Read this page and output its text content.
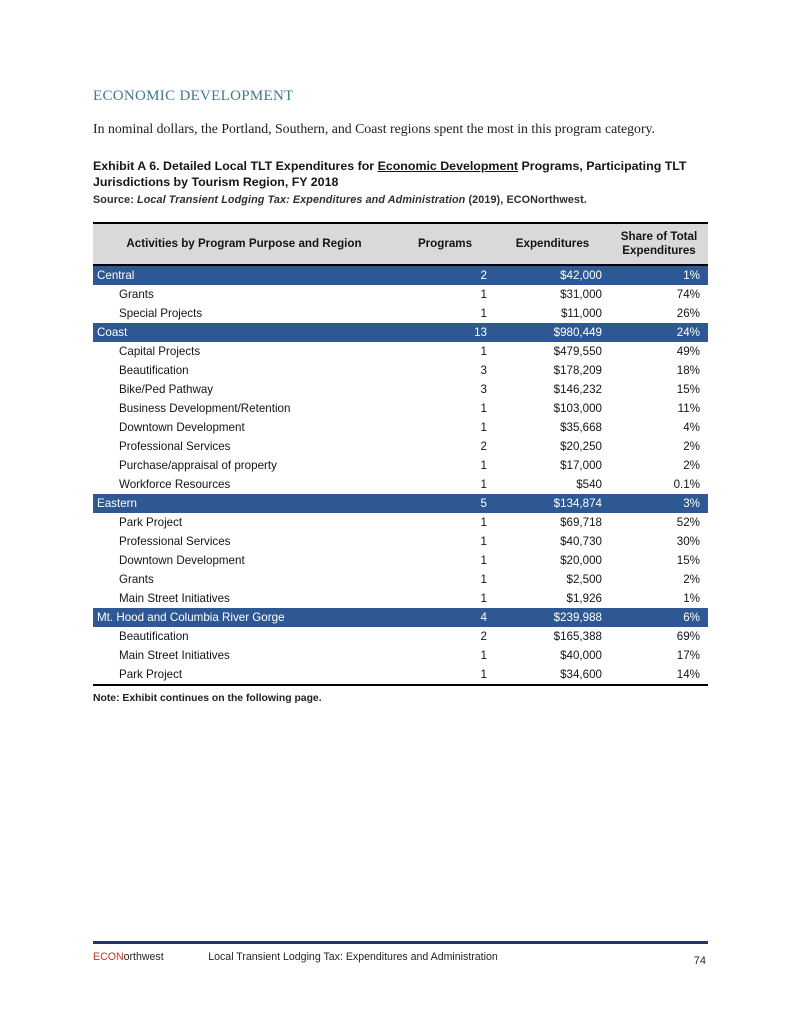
ECONOMIC DEVELOPMENT

In nominal dollars, the Portland, Southern, and Coast regions spent the most in this program category.

Exhibit A 6. Detailed Local TLT Expenditures for Economic Development Programs, Participating TLT Jurisdictions by Tourism Region, FY 2018

Source: Local Transient Lodging Tax: Expenditures and Administration (2019), ECONorthwest.

Activities by Program Purpose and Region	Programs	Expenditures	Share of Total Expenditures
Central	2	$42,000	1%
Grants	1	$31,000	74%
Special Projects	1	$11,000	26%
Coast	13	$980,449	24%
Capital Projects	1	$479,550	49%
Beautification	3	$178,209	18%
Bike/Ped Pathway	3	$146,232	15%
Business Development/Retention	1	$103,000	11%
Downtown Development	1	$35,668	4%
Professional Services	2	$20,250	2%
Purchase/appraisal of property	1	$17,000	2%
Workforce Resources	1	$540	0.1%
Eastern	5	$134,874	3%
Park Project	1	$69,718	52%
Professional Services	1	$40,730	30%
Downtown Development	1	$20,000	15%
Grants	1	$2,500	2%
Main Street Initiatives	1	$1,926	1%
Mt. Hood and Columbia River Gorge	4	$239,988	6%
Beautification	2	$165,388	69%
Main Street Initiatives	1	$40,000	17%
Park Project	1	$34,600	14%

Note: Exhibit continues on the following page.

ECONorthwest	Local Transient Lodging Tax: Expenditures and Administration	74
